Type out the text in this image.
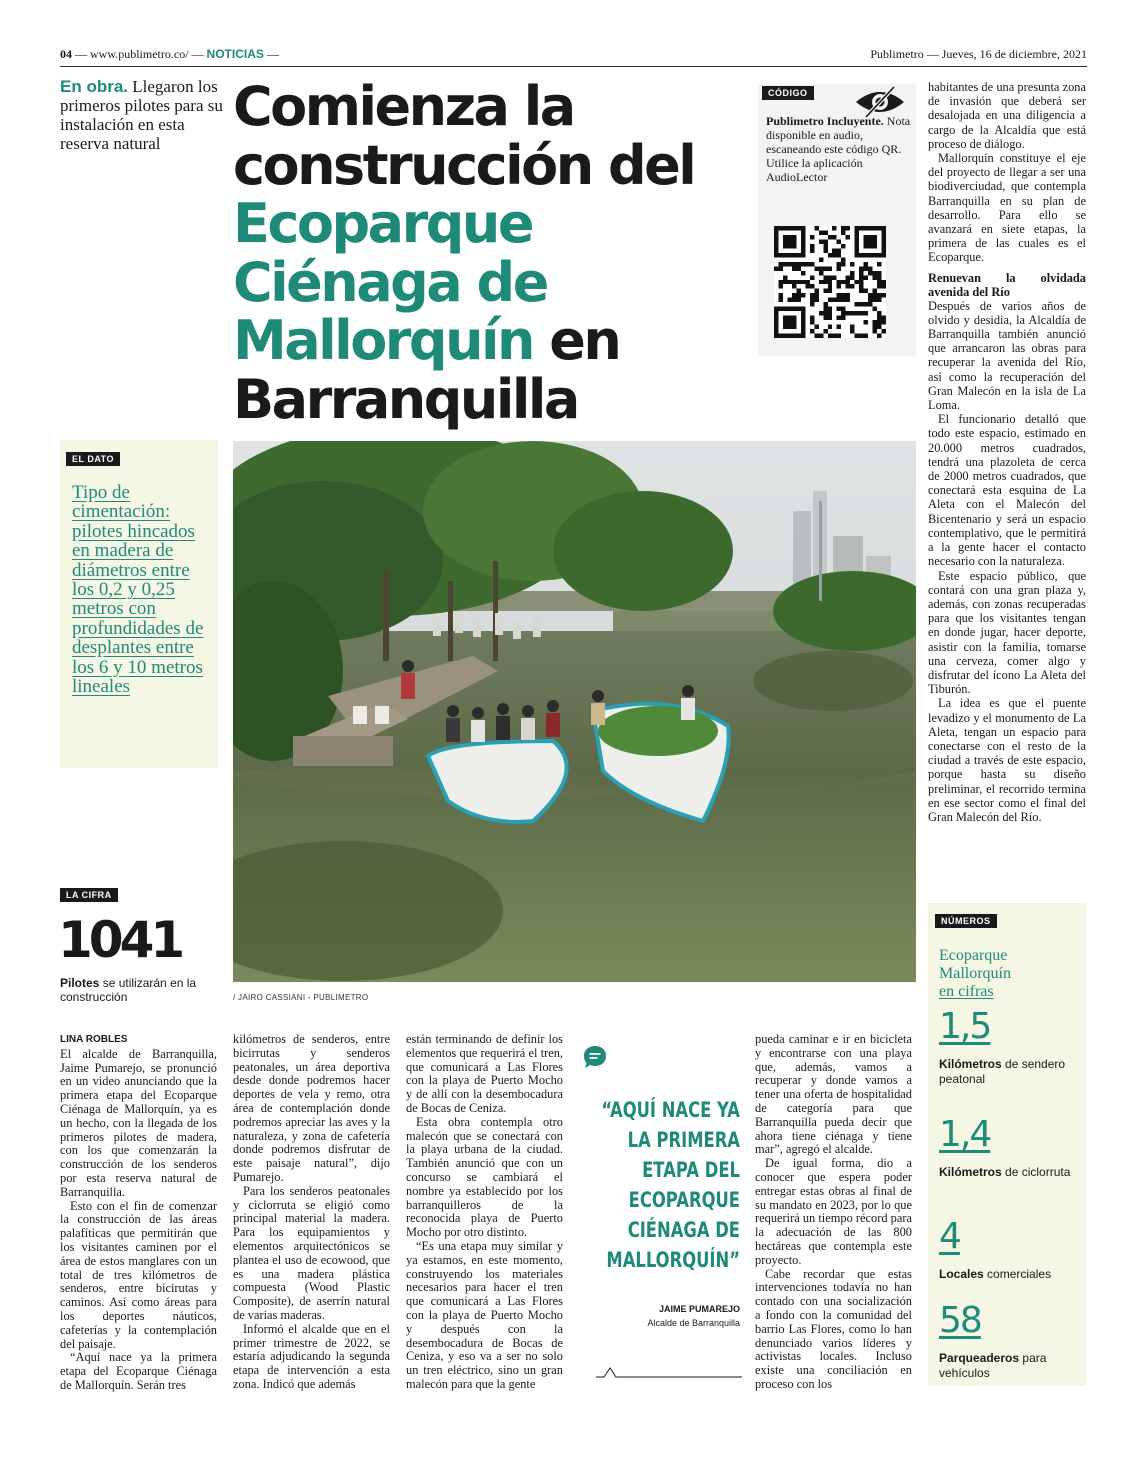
04 — www.publimetro.co/ — NOTICIAS —	Publimetro — Jueves, 16 de diciembre, 2021
En obra. Llegaron los primeros pilotes para su instalación en esta reserva natural
Comienza la construcción del Ecoparque Ciénaga de Mallorquín en Barranquilla
CÓDIGO
Publimetro Incluyente. Nota disponible en audio, escaneando este código QR. Utilice la aplicación AudioLector

habitantes de una presunta zona de invasión que deberá ser desalojada en una diligencia a cargo de la Alcaldía que está proceso de diálogo.

Mallorquín constituye el eje del proyecto de llegar a ser una biodiverciudad, que contempla Barranquilla en su plan de desarrollo. Para ello se avanzará en siete etapas, la primera de las cuales es el Ecoparque.

Renuevan la olvidada avenida del Río

Después de varios años de olvido y desidia, la Alcaldía de Barranquilla también anunció que arrancaron las obras para recuperar la avenida del Río, así como la recuperación del Gran Malecón en la isla de La Loma.

El funcionario detalló que todo este espacio, estimado en 20.000 metros cuadrados, tendrá una plazoleta de cerca de 2000 metros cuadrados, que conectará esta esquina de La Aleta con el Malecón del Bicentenario y será un espacio contemplativo, que le permitirá a la gente hacer el contacto necesario con la naturaleza.

Este espacio público, que contará con una gran plaza y, además, con zonas recuperadas para que los visitantes tengan en donde jugar, hacer deporte, asistir con la familia, tomarse una cerveza, comer algo y disfrutar del ícono La Aleta del Tiburón.

La idea es que el puente levadizo y el monumento de La Aleta, tengan un espacio para conectarse con el resto de la ciudad a través de este espacio, porque hasta su diseño preliminar, el recorrido termina en ese sector como el final del Gran Malecón del Río.

EL DATO
Tipo de cimentación: pilotes hincados en madera de diámetros entre los 0,2 y 0,25 metros con profundidades de desplantes entre los 6 y 10 metros lineales
/ JAIRO CASSIANI - PUBLIMETRO
LA CIFRA
1041
Pilotes se utilizarán en la construcción
NÚMEROS
Ecoparque Mallorquín
en cifras
1,5
Kilómetros de sendero peatonal
1,4
Kilómetros de ciclorruta
4
Locales comerciales
58
Parqueaderos para vehículos
LINA ROBLES

El alcalde de Barranquilla, Jaime Pumarejo, se pronunció en un video anunciando que la primera etapa del Ecoparque Ciénaga de Mallorquín, ya es un hecho, con la llegada de los primeros pilotes de madera, con los que comenzarán la construcción de los senderos por esta reserva natural de Barranquilla.

Esto con el fin de comenzar la construcción de las áreas palafíticas que permitirán que los visitantes caminen por el área de estos manglares con un total de tres kilómetros de senderos, entre bicirutas y caminos. Así como áreas para los deportes náuticos, cafeterías y la contemplación del paisaje.

“Aquí nace ya la primera etapa del Ecoparque Ciénaga de Mallorquín. Serán tres

kilómetros de senderos, entre bicirrutas y senderos peatonales, un área deportiva desde donde podremos hacer deportes de vela y remo, otra área de contemplación donde podremos apreciar las aves y la naturaleza, y zona de cafetería donde podremos disfrutar de este paisaje natural”, dijo Pumarejo.

Para los senderos peatonales y ciclorruta se eligió como principal material la madera. Para los equipamientos y elementos arquitectónicos se plantea el uso de ecowood, que es una madera plástica compuesta (Wood Plastic Composite), de aserrín natural de varias maderas.

Informó el alcalde que en el primer trimestre de 2022, se estaría adjudicando la segunda etapa de intervención a esta zona. Indicó que además

están terminando de definir los elementos que requerirá el tren, que comunicará a Las Flores con la playa de Puerto Mocho y de allí con la desembocadura de Bocas de Ceniza.

Esta obra contempla otro malecón que se conectará con la playa urbana de la ciudad. También anunció que con un concurso se cambiará el nombre ya establecido por los barranquilleros de la reconocida playa de Puerto Mocho por otro distinto.

“Es una etapa muy similar y ya estamos, en este momento, construyendo los materiales necesarios para hacer el tren que comunicará a Las Flores con la playa de Puerto Mocho y después con la desembocadura de Bocas de Ceniza, y eso va a ser no solo un tren eléctrico, sino un gran malecón para que la gente

pueda caminar e ir en bicicleta y encontrarse con una playa que, además, vamos a recuperar y donde vamos a tener una oferta de hospitalidad de categoría para que Barranquilla pueda decir que ahora tiene ciénaga y tiene mar”, agregó el alcalde.

De igual forma, dio a conocer que espera poder entregar estas obras al final de su mandato en 2023, por lo que requerirá un tiempo récord para la adecuación de las 800 hectáreas que contempla este proyecto.

Cabe recordar que estas intervenciones todavía no han contado con una socialización a fondo con la comunidad del barrio Las Flores, como lo han denunciado varios líderes y activistas locales. Incluso existe una conciliación en proceso con los

“AQUÍ NACE YA LA PRIMERA ETAPA DEL ECOPARQUE CIÉNAGA DE MALLORQUÍN”
JAIME PUMAREJO
Alcalde de Barranquilla
